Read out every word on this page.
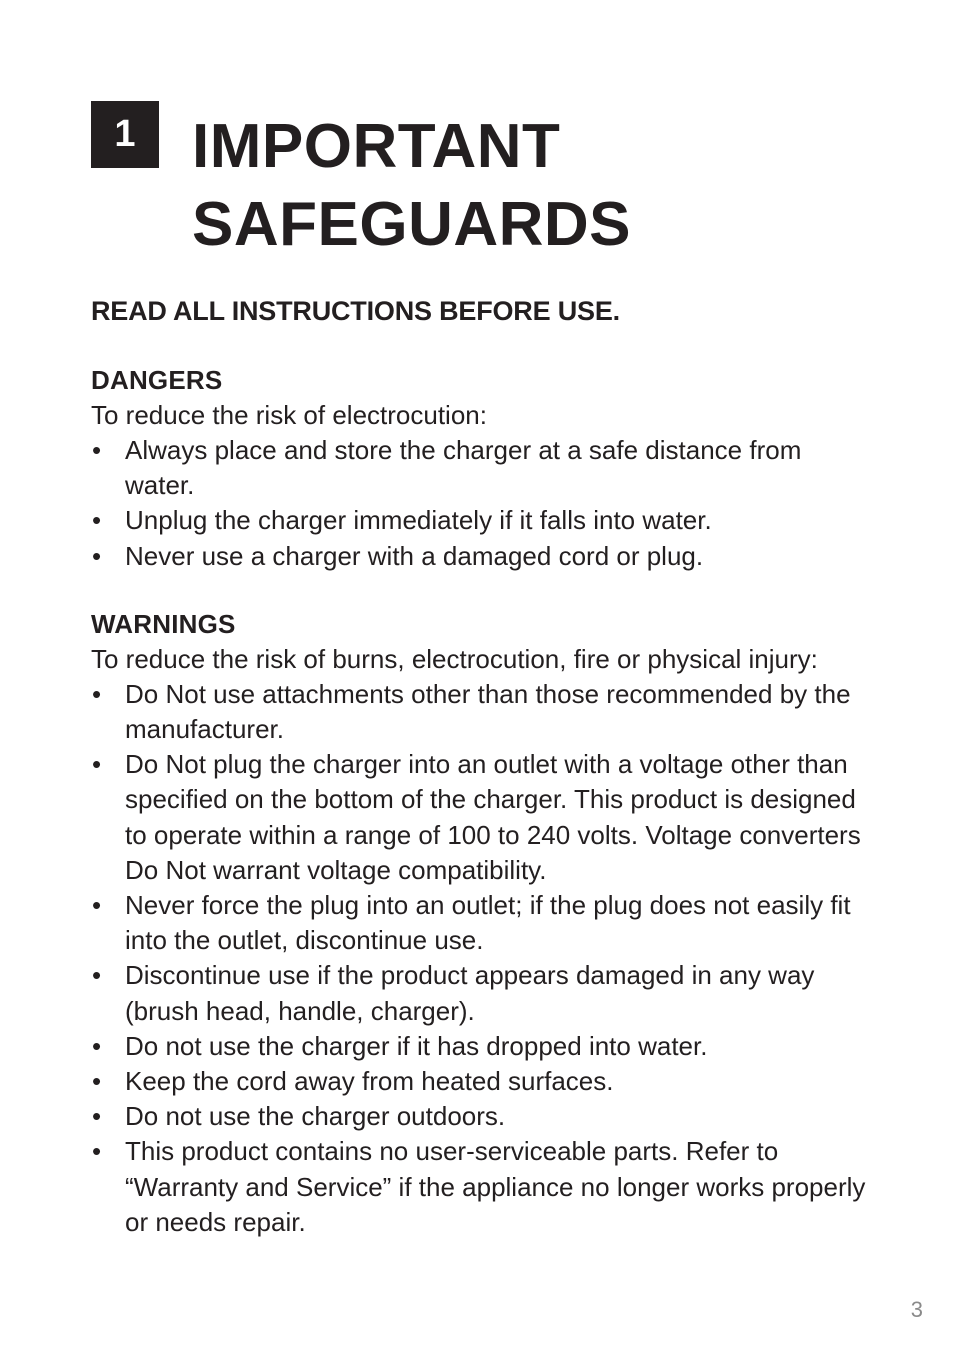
1 IMPORTANT
SAFEGUARDS

READ ALL INSTRUCTIONS BEFORE USE.

DANGERS

To reduce the risk of electrocution:

• Always place and store the charger at a safe distance from water.
• Unplug the charger immediately if it falls into water.
• Never use a charger with a damaged cord or plug.
WARNINGS

To reduce the risk of burns, electrocution, fire or physical injury:

• Do Not use attachments other than those recommended by the manufacturer.
• Do Not plug the charger into an outlet with a voltage other than specified on the bottom of the charger. This product is designed to operate within a range of 100 to 240 volts. Voltage converters Do Not warrant voltage compatibility.
• Never force the plug into an outlet; if the plug does not easily fit into the outlet, discontinue use.
• Discontinue use if the product appears damaged in any way (brush head, handle, charger).
• Do not use the charger if it has dropped into water.
• Keep the cord away from heated surfaces.
• Do not use the charger outdoors.
• This product contains no user-serviceable parts. Refer to “Warranty and Service” if the appliance no longer works properly or needs repair.
3
